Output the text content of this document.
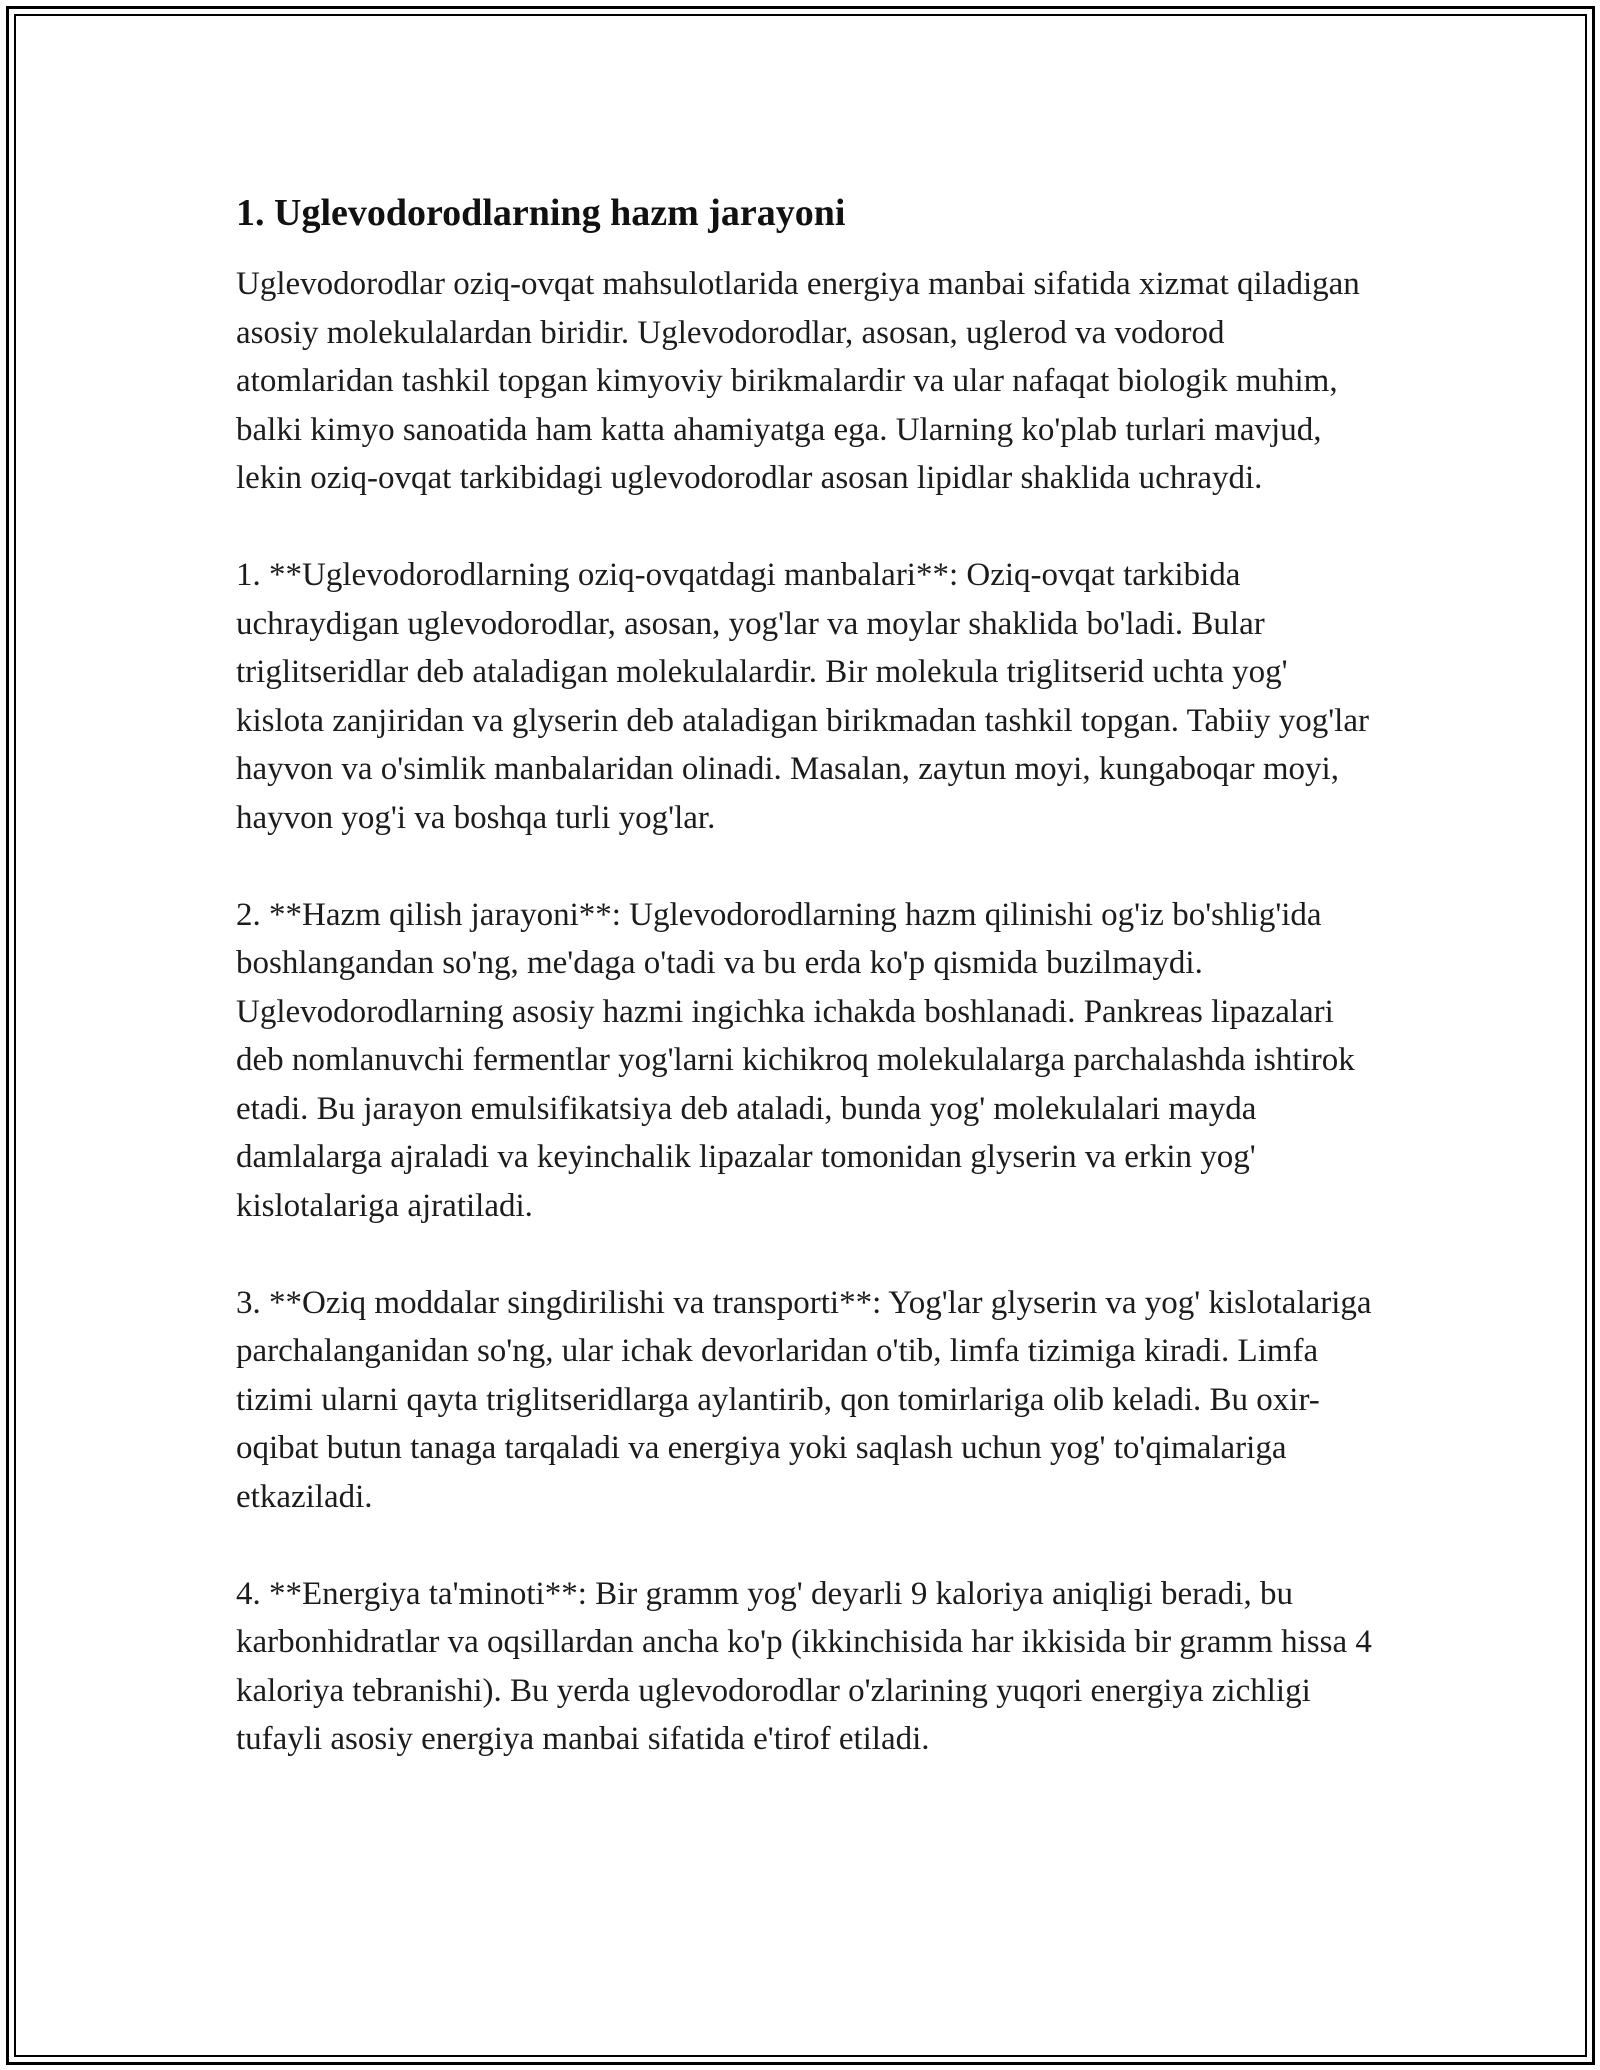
1. Uglevodorodlarning hazm jarayoni

Uglevodorodlar oziq-ovqat mahsulotlarida energiya manbai sifatida xizmat qiladigan asosiy molekulalardan biridir. Uglevodorodlar, asosan, uglerod va vodorod atomlaridan tashkil topgan kimyoviy birikmalardir va ular nafaqat biologik muhim, balki kimyo sanoatida ham katta ahamiyatga ega. Ularning ko'plab turlari mavjud, lekin oziq-ovqat tarkibidagi uglevodorodlar asosan lipidlar shaklida uchraydi.

1. **Uglevodorodlarning oziq-ovqatdagi manbalari**: Oziq-ovqat tarkibida uchraydigan uglevodorodlar, asosan, yog'lar va moylar shaklida bo'ladi. Bular triglitseridlar deb ataladigan molekulalardir. Bir molekula triglitserid uchta yog' kislota zanjiridan va glyserin deb ataladigan birikmadan tashkil topgan. Tabiiy yog'lar hayvon va o'simlik manbalaridan olinadi. Masalan, zaytun moyi, kungaboqar moyi, hayvon yog'i va boshqa turli yog'lar.

2. **Hazm qilish jarayoni**: Uglevodorodlarning hazm qilinishi og'iz bo'shlig'ida boshlangandan so'ng, me'daga o'tadi va bu erda ko'p qismida buzilmaydi. Uglevodorodlarning asosiy hazmi ingichka ichakda boshlanadi. Pankreas lipazalari deb nomlanuvchi fermentlar yog'larni kichikroq molekulalarga parchalashda ishtirok etadi. Bu jarayon emulsifikatsiya deb ataladi, bunda yog' molekulalari mayda damlalarga ajraladi va keyinchalik lipazalar tomonidan glyserin va erkin yog' kislotalariga ajratiladi.

3. **Oziq moddalar singdirilishi va transporti**: Yog'lar glyserin va yog' kislotalariga parchalanganidan so'ng, ular ichak devorlaridan o'tib, limfa tizimiga kiradi. Limfa tizimi ularni qayta triglitseridlarga aylantirib, qon tomirlariga olib keladi. Bu oxir-oqibat butun tanaga tarqaladi va energiya yoki saqlash uchun yog' to'qimalariga etkaziladi.

4. **Energiya ta'minoti**: Bir gramm yog' deyarli 9 kaloriya aniqligi beradi, bu karbonhidratlar va oqsillardan ancha ko'p (ikkinchisida har ikkisida bir gramm hissa 4 kaloriya tebranishi). Bu yerda uglevodorodlar o'zlarining yuqori energiya zichligi tufayli asosiy energiya manbai sifatida e'tirof etiladi.
